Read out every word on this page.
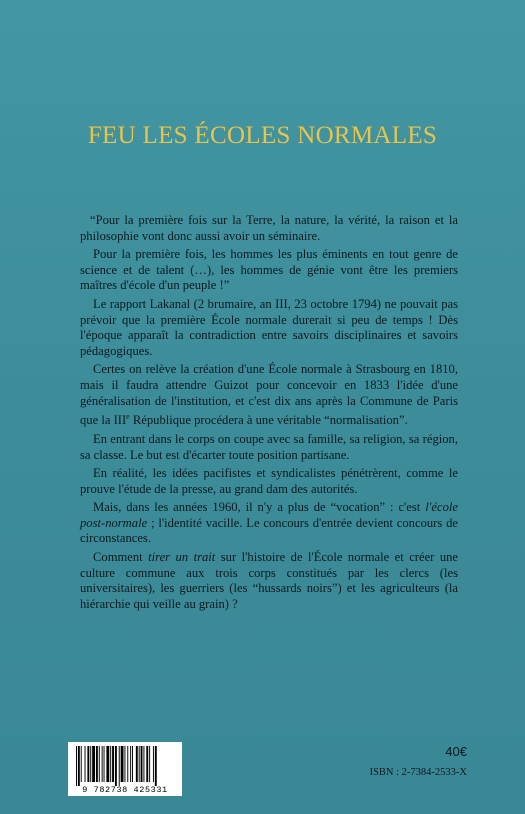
FEU LES ÉCOLES NORMALES

“Pour la première fois sur la Terre, la nature, la vérité, la raison et la philosophie vont donc aussi avoir un séminaire.

Pour la première fois, les hommes les plus éminents en tout genre de science et de talent (…), les hommes de génie vont être les premiers maîtres d'école d'un peuple !”

Le rapport Lakanal (2 brumaire, an III, 23 octobre 1794) ne pouvait pas prévoir que la première École normale durerait si peu de temps ! Dès l'époque apparaît la contradiction entre savoirs disciplinaires et savoirs pédagogiques.

Certes on relève la création d'une École normale à Strasbourg en 1810, mais il faudra attendre Guizot pour concevoir en 1833 l'idée d'une généralisation de l'institution, et c'est dix ans après la Commune de Paris que la IIIe République procédera à une véritable “normalisation”.

En entrant dans le corps on coupe avec sa famille, sa religion, sa région, sa classe. Le but est d'écarter toute position partisane.

En réalité, les idées pacifistes et syndicalistes pénétrèrent, comme le prouve l'étude de la presse, au grand dam des autorités.

Mais, dans les années 1960, il n'y a plus de “vocation” : c'est l'école post-normale ; l'identité vacille. Le concours d'entrée devient concours de circonstances.

Comment tirer un trait sur l'histoire de l'École normale et créer une culture commune aux trois corps constitués par les clercs (les universitaires), les guerriers (les “hussards noirs”) et les agriculteurs (la hiérarchie qui veille au grain) ?

9 782738 425331
40€
ISBN : 2-7384-2533-X
